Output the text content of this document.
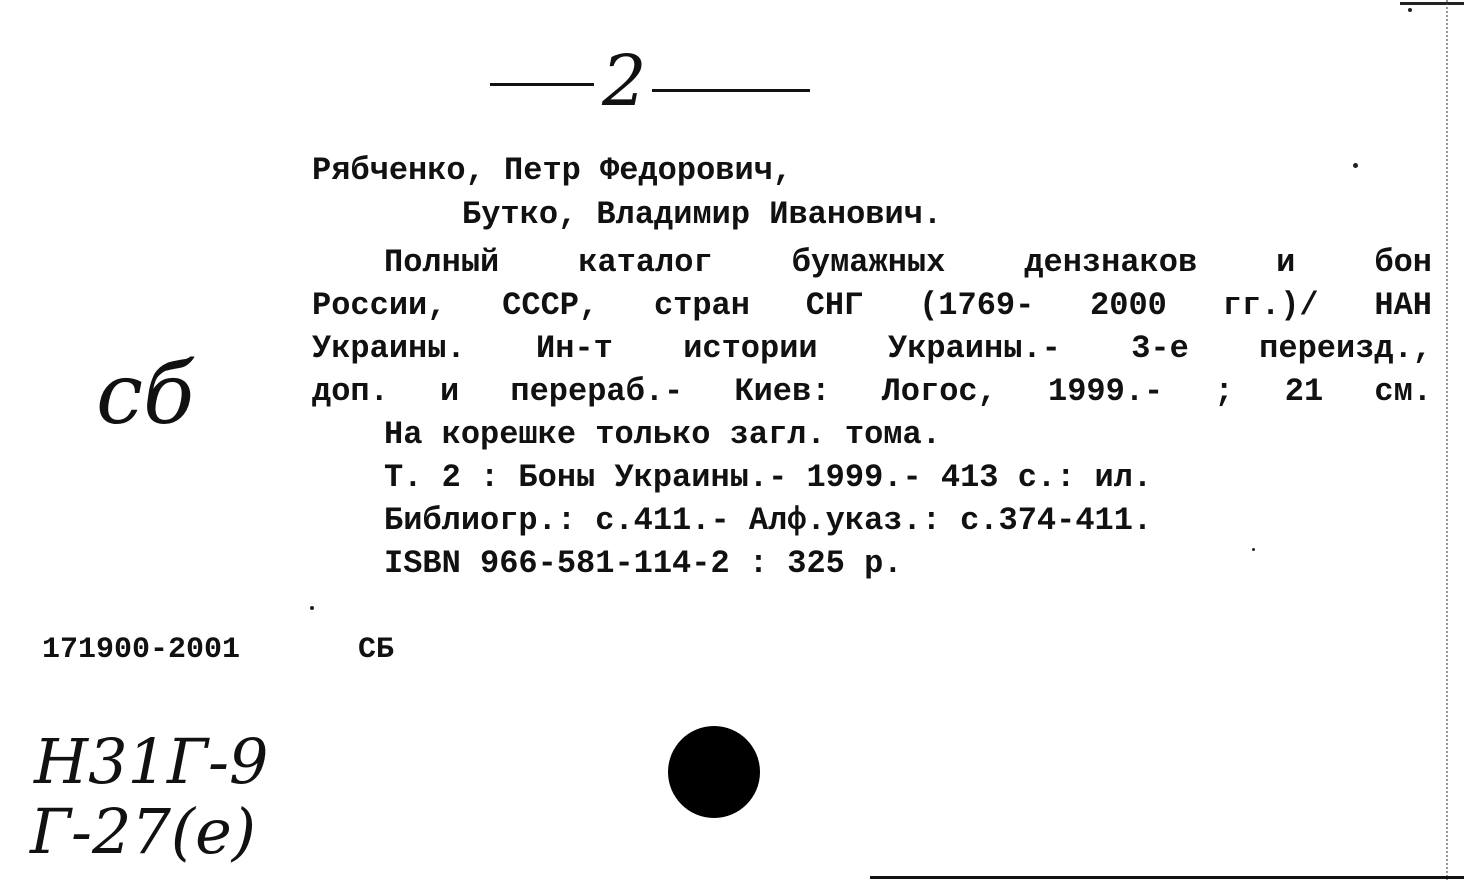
2
Рябченко, Петр Федорович,
Бутко, Владимир Иванович.
Полный каталог бумажных дензнаков и бон
России, СССР, стран СНГ (1769- 2000 гг.)/ НАН
Украины. Ин-т истории Украины.- 3-е переизд.,
доп. и перераб.- Киев: Логос, 1999.- ; 21 см.
На корешке только загл. тома.
Т. 2 : Боны Украины.- 1999.- 413 с.: ил.
Библиогр.: с.411.- Алф.указ.: с.374-411.
ISBN 966-581-114-2 : 325 р.
сб
171900-2001	СБ
Н31Г-9
Г-27(е)
